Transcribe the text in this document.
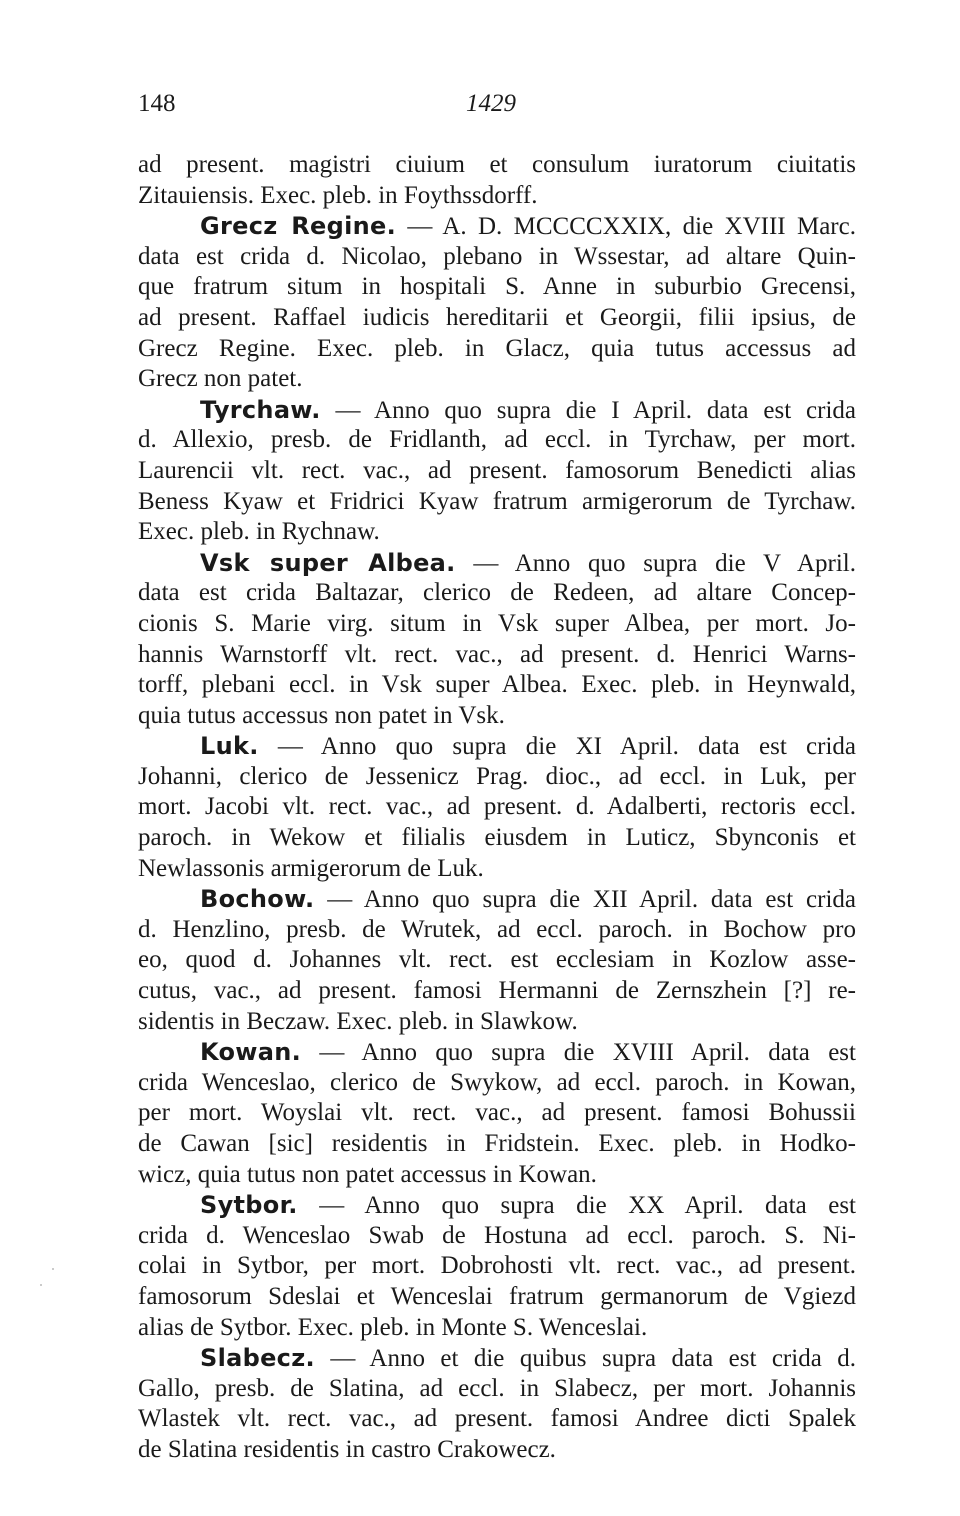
148	1429
ad present. magistri ciuium et consulum iuratorum ciuitatis
Zitauiensis. Exec. pleb. in Foythssdorff.
Grecz Regine. — A. D. MCCCCXXIX, die XVIII Marc.
data est crida d. Nicolao, plebano in Wssestar, ad altare Quin-
que fratrum situm in hospitali S. Anne in suburbio Grecensi,
ad present. Raffael iudicis hereditarii et Georgii, filii ipsius, de
Grecz Regine. Exec. pleb. in Glacz, quia tutus accessus ad
Grecz non patet.
Tyrchaw. — Anno quo supra die I April. data est crida
d. Allexio, presb. de Fridlanth, ad eccl. in Tyrchaw, per mort.
Laurencii vlt. rect. vac., ad present. famosorum Benedicti alias
Beness Kyaw et Fridrici Kyaw fratrum armigerorum de Tyrchaw.
Exec. pleb. in Rychnaw.
Vsk super Albea. — Anno quo supra die V April.
data est crida Baltazar, clerico de Redeen, ad altare Concep-
cionis S. Marie virg. situm in Vsk super Albea, per mort. Jo-
hannis Warnstorff vlt. rect. vac., ad present. d. Henrici Warns-
torff, plebani eccl. in Vsk super Albea. Exec. pleb. in Heynwald,
quia tutus accessus non patet in Vsk.
Luk. — Anno quo supra die XI April. data est crida
Johanni, clerico de Jessenicz Prag. dioc., ad eccl. in Luk, per
mort. Jacobi vlt. rect. vac., ad present. d. Adalberti, rectoris eccl.
paroch. in Wekow et filialis eiusdem in Luticz, Sbynconis et
Newlassonis armigerorum de Luk.
Bochow. — Anno quo supra die XII April. data est crida
d. Henzlino, presb. de Wrutek, ad eccl. paroch. in Bochow pro
eo, quod d. Johannes vlt. rect. est ecclesiam in Kozlow asse-
cutus, vac., ad present. famosi Hermanni de Zernszhein [?] re-
sidentis in Beczaw. Exec. pleb. in Slawkow.
Kowan. — Anno quo supra die XVIII April. data est
crida Wenceslao, clerico de Swykow, ad eccl. paroch. in Kowan,
per mort. Woyslai vlt. rect. vac., ad present. famosi Bohussii
de Cawan [sic] residentis in Fridstein. Exec. pleb. in Hodko-
wicz, quia tutus non patet accessus in Kowan.
Sytbor. — Anno quo supra die XX April. data est
crida d. Wenceslao Swab de Hostuna ad eccl. paroch. S. Ni-
colai in Sytbor, per mort. Dobrohosti vlt. rect. vac., ad present.
famosorum Sdeslai et Wenceslai fratrum germanorum de Vgiezd
alias de Sytbor. Exec. pleb. in Monte S. Wenceslai.
Slabecz. — Anno et die quibus supra data est crida d.
Gallo, presb. de Slatina, ad eccl. in Slabecz, per mort. Johannis
Wlastek vlt. rect. vac., ad present. famosi Andree dicti Spalek
de Slatina residentis in castro Crakowecz.
